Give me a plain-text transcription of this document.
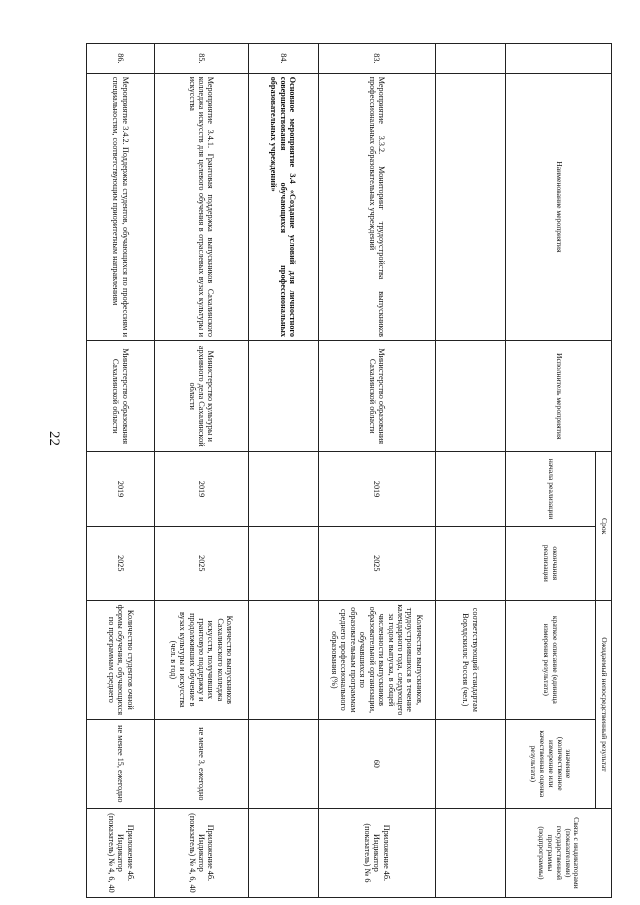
22
	Наименование мероприятия	Исполнитель мероприятия	Срок		Ожидаемый непосредственный результат		Связь с индикаторами (показателями) государственной программы (подпрограммы)
			начала реализации	окончания реализации	краткое описание (единица измерения результата)	значение (количественное измерение или качественная оценка результата)	
					соответствующий стандартам Ворлдскиллс Россия (чел.)		
83.	Мероприятие 3.3.2. Мониторинг трудоустройства выпускников профессиональных образовательных учреждений	Министерство образования Сахалинской области	2019	2025	Количество выпускников, трудоустроившихся в течение календарного года, следующего за годом выпуска, в общей численности выпускников образовательной организации, обучавшихся по образовательным программам среднего профессионального образования (%)	60	Приложение 4б. Индикатор (показатель) № 6
84.	Основное мероприятие 3.4 «Создание условий для личностного совершенствования обучающихся профессиональных образовательных учреждений»						
85.	Мероприятие 3.4.1. Грантовая поддержка выпускников Сахалинского колледжа искусств для целевого обучения в отраслевых вузах культуры и искусства	Министерство культуры и архивного дела Сахалинской области	2019	2025	Количество выпускников Сахалинского колледжа искусств, получивших грантовую поддержку и продолживших обучение в вузах культуры и искусства (чел. в год)	не менее 3, ежегодно	Приложение 4б. Индикатор (показатель) № 4, 6, 40
86.	Мероприятие 3.4.2. Поддержка студентов, обучающихся по профессиям и специальностям, соответствующим приоритетным направлениям	Министерство образования Сахалинской области	2019	2025	Количество студентов очной формы обучения, обучающихся по программам среднего	не менее 15, ежегодно	Приложение 4б. Индикатор (показатель) № 4, 6, 40
